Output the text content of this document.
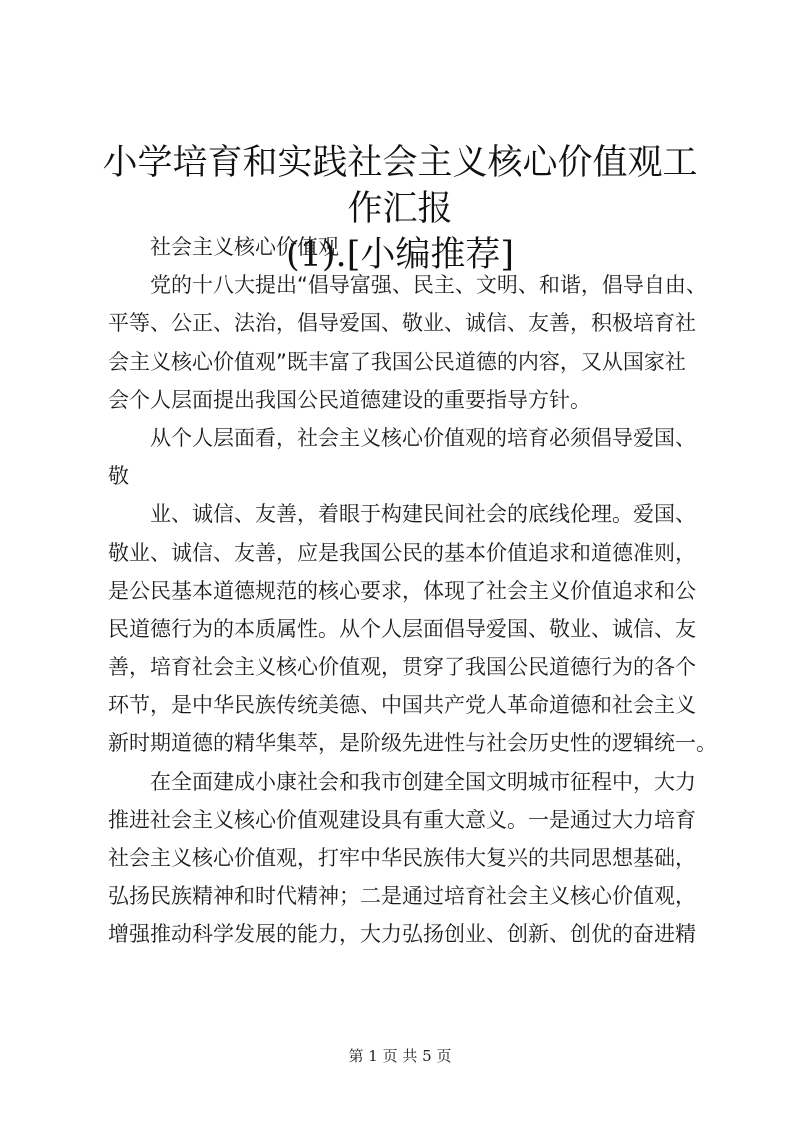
小学培育和实践社会主义核心价值观工作汇报
(1).[小编推荐]
社会主义核心价值观
党的十八大提出“倡导富强、民主、文明、和谐，倡导自由、
平等、公正、法治，倡导爱国、敬业、诚信、友善，积极培育社
会主义核心价值观”既丰富了我国公民道德的内容，又从国家社
会个人层面提出我国公民道德建设的重要指导方针。
从个人层面看，社会主义核心价值观的培育必须倡导爱国、
敬
业、诚信、友善，着眼于构建民间社会的底线伦理。爱国、
敬业、诚信、友善，应是我国公民的基本价值追求和道德准则，
是公民基本道德规范的核心要求，体现了社会主义价值追求和公
民道德行为的本质属性。从个人层面倡导爱国、敬业、诚信、友
善，培育社会主义核心价值观，贯穿了我国公民道德行为的各个
环节，是中华民族传统美德、中国共产党人革命道德和社会主义
新时期道德的精华集萃，是阶级先进性与社会历史性的逻辑统一。
在全面建成小康社会和我市创建全国文明城市征程中，大力
推进社会主义核心价值观建设具有重大意义。一是通过大力培育
社会主义核心价值观，打牢中华民族伟大复兴的共同思想基础，
弘扬民族精神和时代精神；二是通过培育社会主义核心价值观，
增强推动科学发展的能力，大力弘扬创业、创新、创优的奋进精
第 1 页 共 5 页
